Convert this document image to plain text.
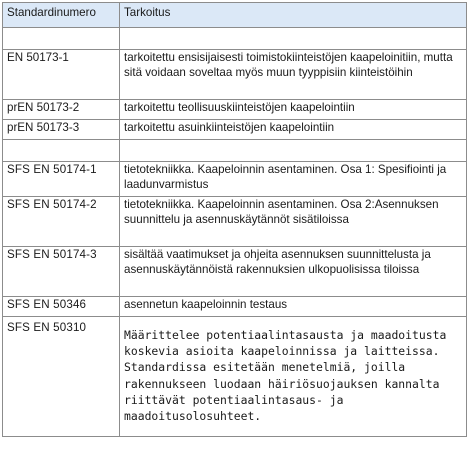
Standardinumero	Tarkoitus

EN 50173-1	tarkoitettu ensisijaisesti toimistokiinteistöjen kaapeloinitiin, mutta sitä voidaan soveltaa myös muun tyyppisiin kiinteistöihin
prEN 50173-2	tarkoitettu teollisuuskiinteistöjen kaapelointiin
prEN 50173-3	tarkoitettu asuinkiinteistöjen kaapelointiin

SFS EN 50174-1	tietotekniikka. Kaapeloinnin asentaminen. Osa 1: Spesifiointi ja laadunvarmistus
SFS EN 50174-2	tietotekniikka. Kaapeloinnin asentaminen. Osa 2:Asennuksen suunnittelu ja asennuskäytännöt sisätiloissa
SFS EN 50174-3	sisältää vaatimukset ja ohjeita asennuksen suunnittelusta ja asennuskäytännöistä rakennuksien ulkopuolisissa tiloissa
SFS EN 50346	asennetun kaapeloinnin testaus
SFS EN 50310	Määrittelee potentiaalintasausta ja maadoitusta koskevia asioita kaapeloinnissa ja laitteissa. Standardissa esitetään menetelmiä, joilla rakennukseen luodaan häiriösuojauksen kannalta riittävät potentiaalintasaus- ja maadoitusolosuhteet.
